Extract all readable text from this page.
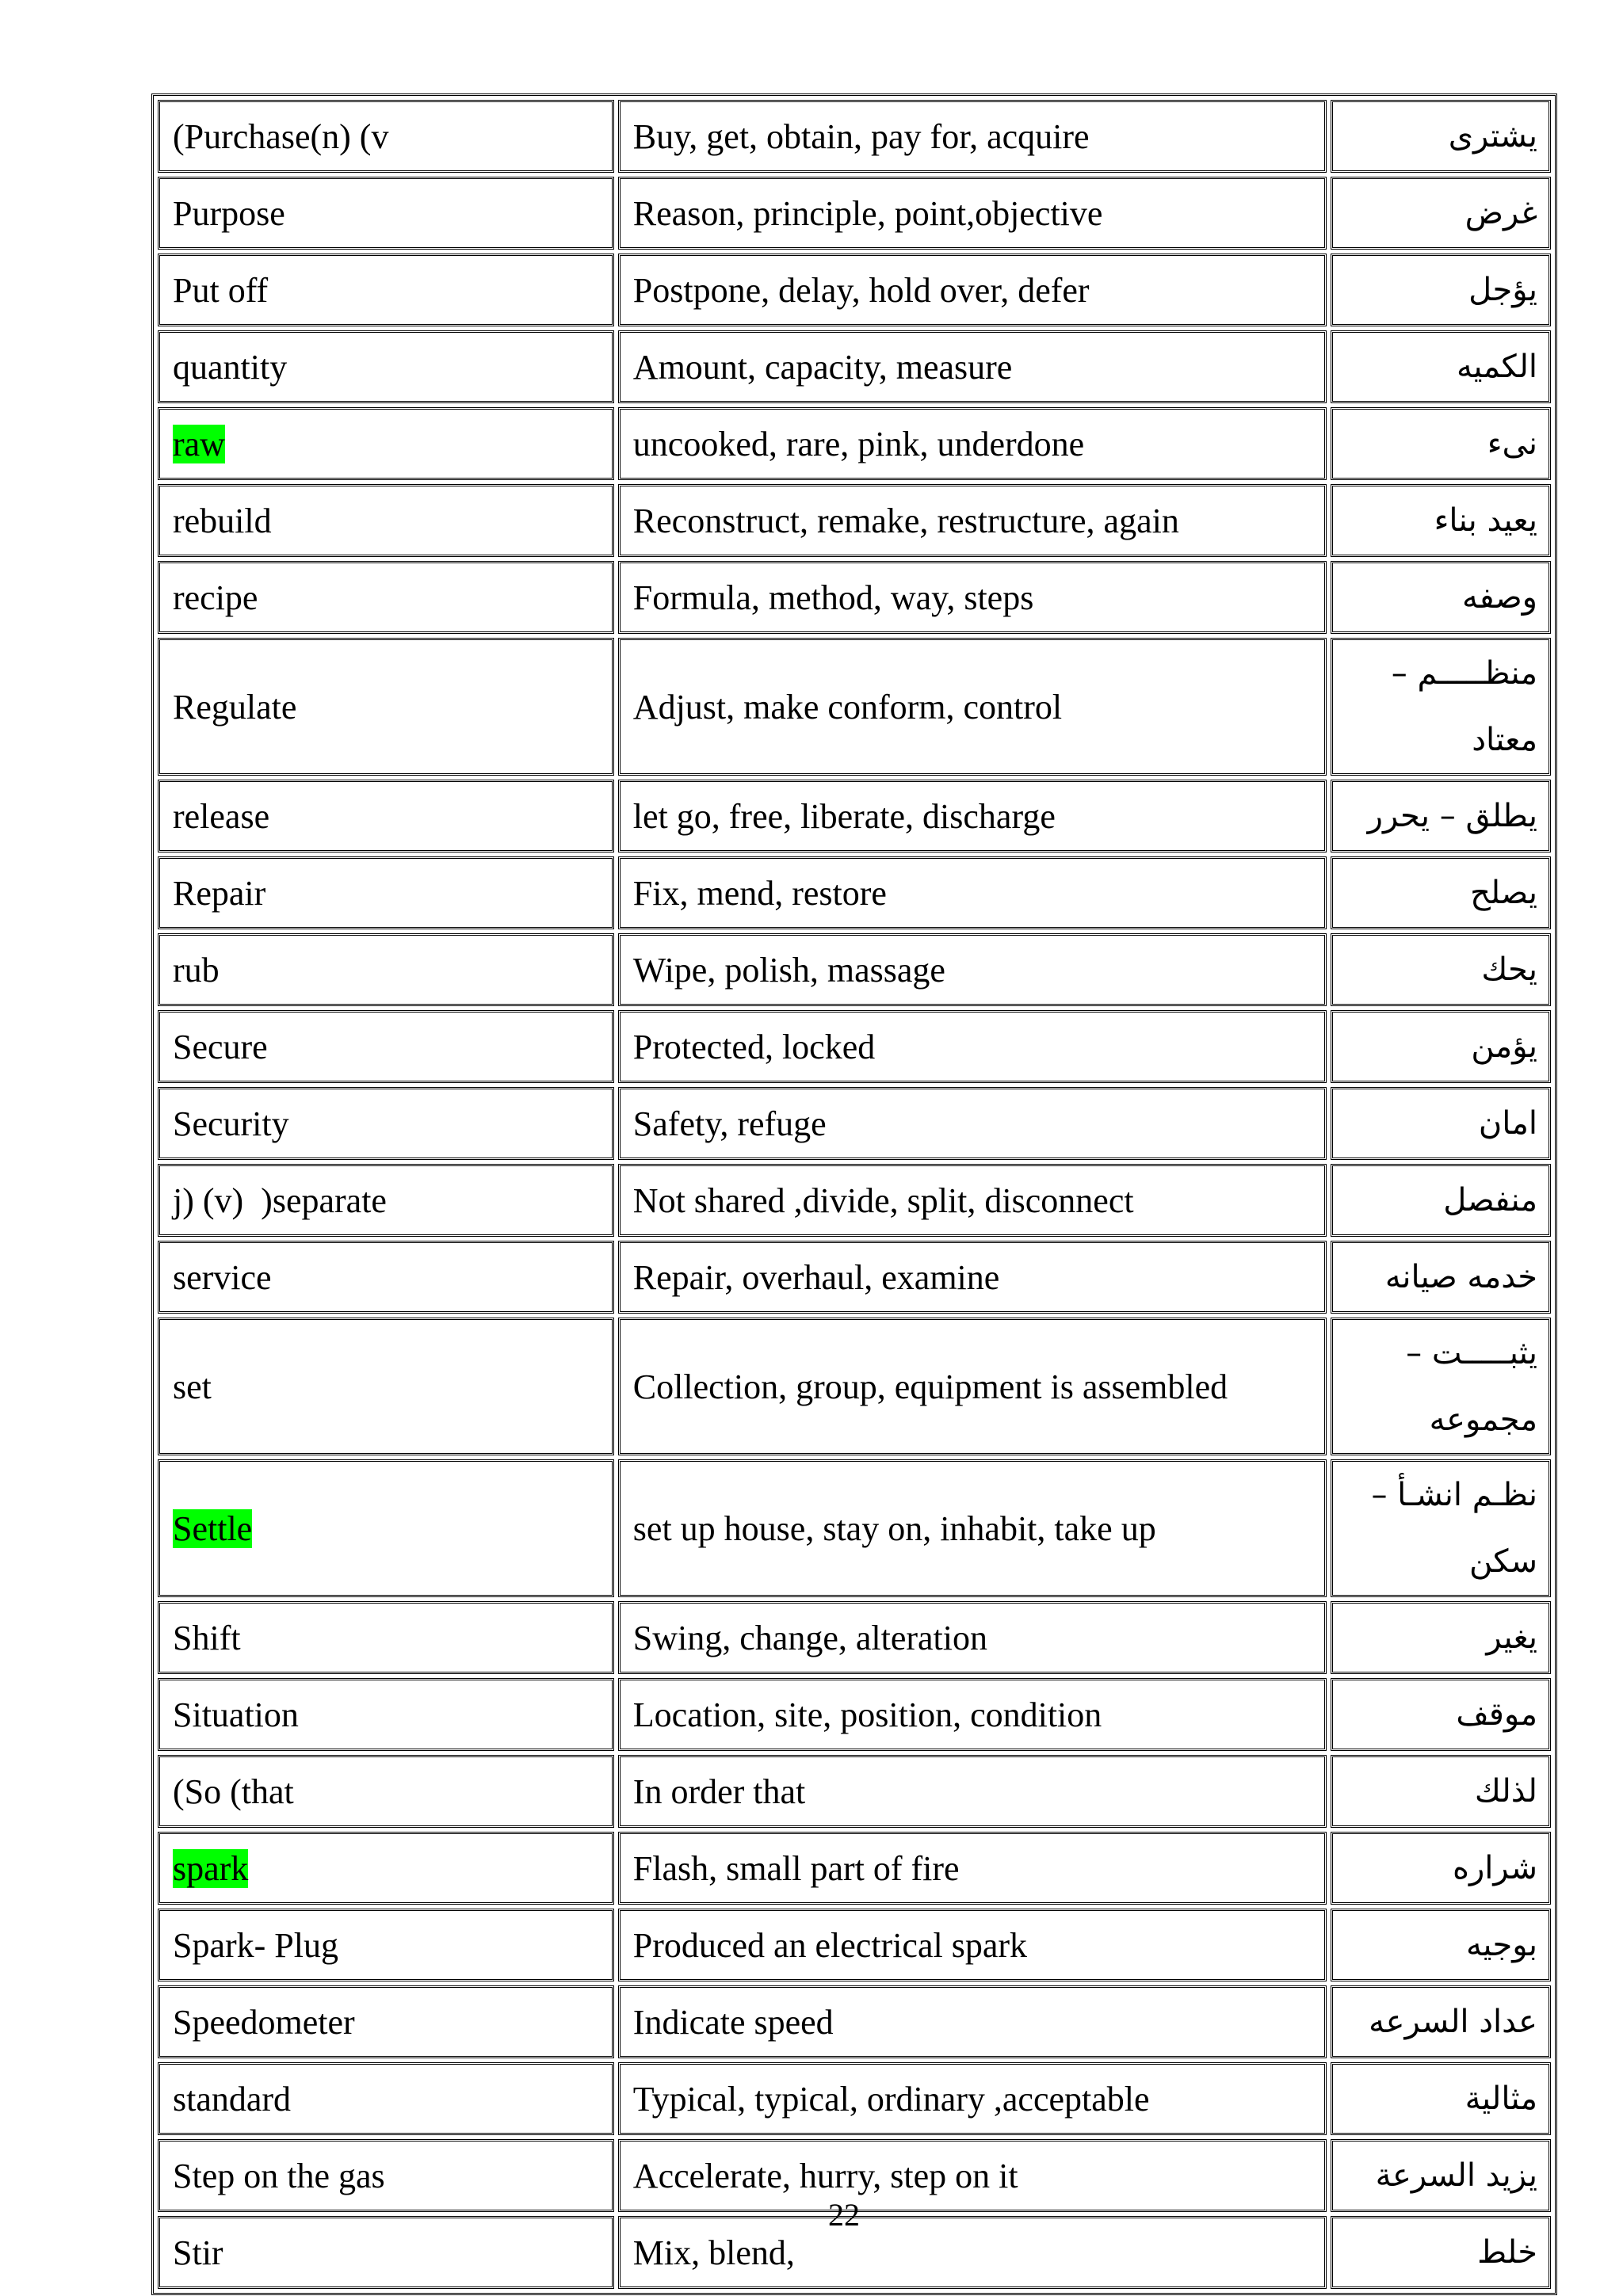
(Purchase(n) (v	Buy, get, obtain, pay for, acquire	يشترى
Purpose	Reason, principle, point,objective	غرض
Put off	Postpone, delay, hold over, defer	يؤجل
quantity	Amount, capacity, measure	الكميه
raw	uncooked, rare, pink, underdone	نىء
rebuild	Reconstruct, remake, restructure, again	يعيد بناء
recipe	Formula, method, way, steps	وصفه
Regulate	Adjust, make conform, control	منظـــــم – معتاد
release	let go, free, liberate, discharge	يطلق – يحرر
Repair	Fix, mend, restore	يصلح
rub	Wipe, polish, massage	يحك
Secure	Protected, locked	يؤمن
Security	Safety, refuge	امان
j) (v)  )separate	Not shared ,divide, split, disconnect	منفصل
service	Repair, overhaul, examine	خدمه صيانه
set	Collection, group, equipment is assembled	يثبـــــت – مجموعه
Settle	set up house, stay on, inhabit, take up	نظـم انشـأ – سكن
Shift	Swing, change, alteration	يغير
Situation	Location, site, position, condition	موقف
(So (that	In order that	لذلك
spark	Flash, small part of fire	شراره
Spark- Plug	Produced an electrical spark	بوجيه
Speedometer	Indicate speed	عداد السرعه
standard	Typical, typical, ordinary ,acceptable	مثالية
Step on the gas	Accelerate, hurry, step on it	يزيد السرعة
Stir	Mix, blend,	خلط
22
